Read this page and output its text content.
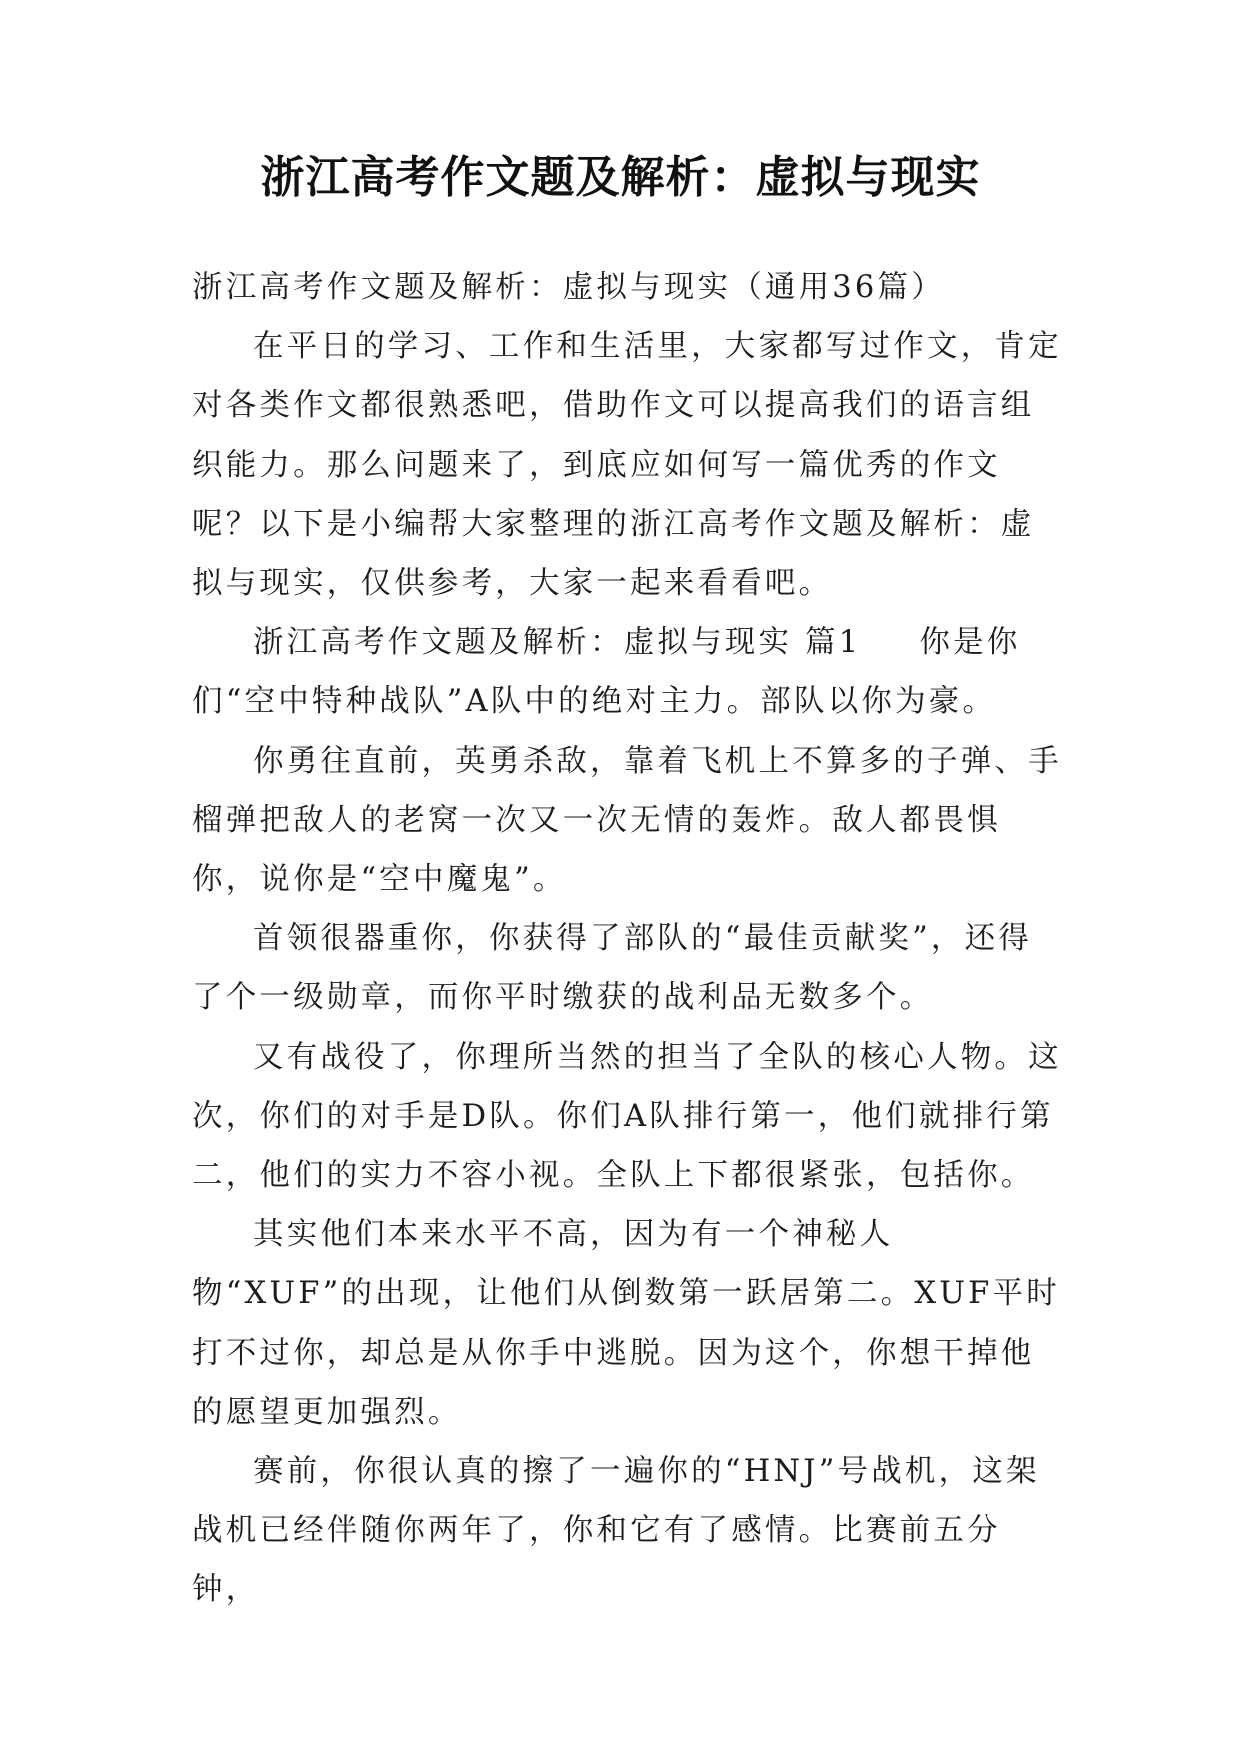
浙江高考作文题及解析：虚拟与现实

浙江高考作文题及解析：虚拟与现实（通用36篇）

在平日的学习、工作和生活里，大家都写过作文，肯定对各类作文都很熟悉吧，借助作文可以提高我们的语言组织能力。那么问题来了，到底应如何写一篇优秀的作文呢？以下是小编帮大家整理的浙江高考作文题及解析：虚拟与现实，仅供参考，大家一起来看看吧。

浙江高考作文题及解析：虚拟与现实 篇1 你是你们“空中特种战队”A队中的绝对主力。部队以你为豪。

你勇往直前，英勇杀敌，靠着飞机上不算多的子弹、手榴弹把敌人的老窝一次又一次无情的轰炸。敌人都畏惧你，说你是“空中魔鬼”。

首领很器重你，你获得了部队的“最佳贡献奖”，还得了个一级勋章，而你平时缴获的战利品无数多个。

又有战役了，你理所当然的担当了全队的核心人物。这次，你们的对手是D队。你们A队排行第一，他们就排行第二，他们的实力不容小视。全队上下都很紧张，包括你。

其实他们本来水平不高，因为有一个神秘人物“XUF”的出现，让他们从倒数第一跃居第二。XUF平时打不过你，却总是从你手中逃脱。因为这个，你想干掉他的愿望更加强烈。

赛前，你很认真的擦了一遍你的“HNJ”号战机，这架战机已经伴随你两年了，你和它有了感情。比赛前五分钟，
